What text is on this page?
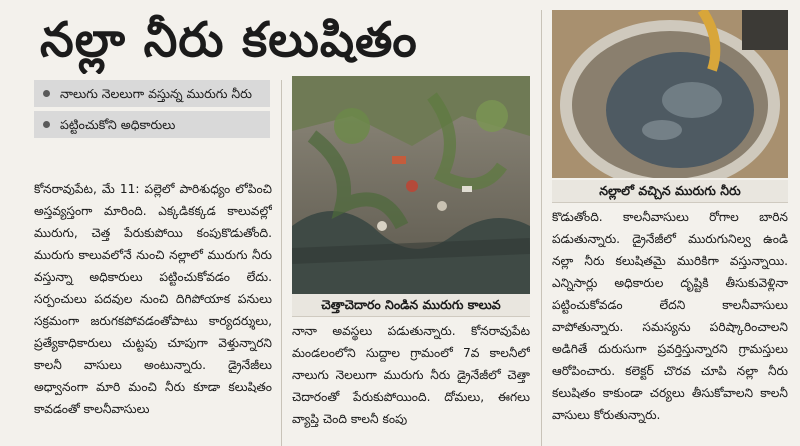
నల్లా నీరు కలుషితం
నాలుగు నెలలుగా వస్తున్న మురుగు నీరు
పట్టించుకోని అధికారులు

కోనరావుపేట, మే 11: పల్లెలో పారిశుధ్యం లోపించి అస్తవ్యస్తంగా మారింది. ఎక్కడికక్కడ కాలువల్లో మురుగు, చెత్త పేరుకుపోయి కంపుకొడుతోంది. మురుగు కాలువలోనే నుంచి నల్లాలో మురుగు నీరు వస్తున్నా అధికారులు పట్టించుకోవడం లేదు. సర్పంచులు పదవుల నుంచి దిగిపోయాక పనులు సక్రమంగా జరుగకపోవడంతోపాటు కార్యదర్శులు, ప్రత్యేకాధికారులు చుట్టపు చూపుగా వెళ్తున్నారని కాలనీ వాసులు అంటున్నారు. డ్రైనేజీలు అధ్వానంగా మారి మంచి నీరు కూడా కలుషితం కావడంతో కాలనీవాసులు

చెత్తాచెదారం నిండిన మురుగు కాలువ

నానా అవస్థలు పడుతున్నారు. కోనరావుపేట మండలంలోని సుద్దాల గ్రామంలో 7వ కాలనీలో నాలుగు నెలలుగా మురుగు నీరు డ్రైనేజీలో చెత్తా చెదారంతో పేరుకుపోయింది. దోమలు, ఈగలు వ్యాప్తి చెంది కాలనీ కంపు

నల్లాలో వచ్చిన మురుగు నీరు

కొడుతోంది. కాలనీవాసులు రోగాల బారిన పడుతున్నారు. డ్రైనేజీలో మురుగునిల్వ ఉండి నల్లా నీరు కలుషితమై మురికిగా వస్తున్నాయి. ఎన్నిసార్లు అధికారుల దృష్టికి తీసుకువెళ్లినా పట్టించుకోవడం లేదని కాలనీవాసులు వాపోతున్నారు. సమస్యను పరిష్కారించాలని అడిగితే దురుసుగా ప్రవర్తిస్తున్నారని గ్రామస్తులు ఆరోపించారు. కలెక్టర్ చొరవ చూపి నల్లా నీరు కలుషితం కాకుండా చర్యలు తీసుకోవాలని కాలనీ వాసులు కోరుతున్నారు.
